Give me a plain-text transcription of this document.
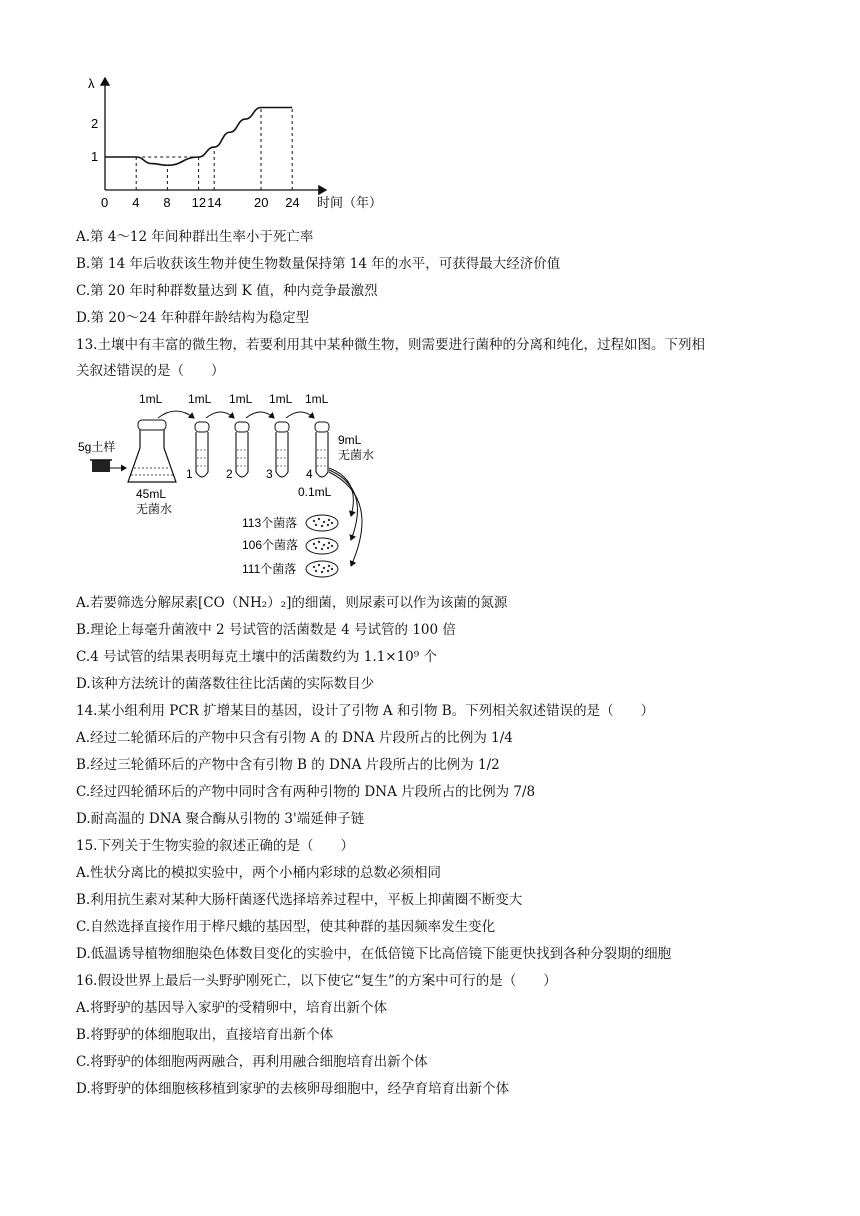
λ
时间（年）
1
2
0 4 8 12 14 20 24
A.第 4～12 年间种群出生率小于死亡率
B.第 14 年后收获该生物并使生物数量保持第 14 年的水平，可获得最大经济价值
C.第 20 年时种群数量达到 K 值，种内竞争最激烈
D.第 20～24 年种群年龄结构为稳定型
13.土壤中有丰富的微生物，若要利用其中某种微生物，则需要进行菌种的分离和纯化，过程如图。下列相
关叙述错误的是（　　）
1mL 1mL 1mL 1mL 1mL
5g土样
45mL
无菌水
1	2	3	4
9mL
无菌水
0.1mL
113个菌落
106个菌落
111个菌落
A.若要筛选分解尿素[CO（NH₂）₂]的细菌，则尿素可以作为该菌的氮源
B.理论上每毫升菌液中 2 号试管的活菌数是 4 号试管的 100 倍
C.4 号试管的结果表明每克土壤中的活菌数约为 1.1×10⁹ 个
D.该种方法统计的菌落数往往比活菌的实际数目少
14.某小组利用 PCR 扩增某目的基因，设计了引物 A 和引物 B。下列相关叙述错误的是（　　）
A.经过二轮循环后的产物中只含有引物 A 的 DNA 片段所占的比例为 1/4
B.经过三轮循环后的产物中含有引物 B 的 DNA 片段所占的比例为 1/2
C.经过四轮循环后的产物中同时含有两种引物的 DNA 片段所占的比例为 7/8
D.耐高温的 DNA 聚合酶从引物的 3'端延伸子链
15.下列关于生物实验的叙述正确的是（　　）
A.性状分离比的模拟实验中，两个小桶内彩球的总数必须相同
B.利用抗生素对某种大肠杆菌逐代选择培养过程中，平板上抑菌圈不断变大
C.自然选择直接作用于桦尺蛾的基因型，使其种群的基因频率发生变化
D.低温诱导植物细胞染色体数目变化的实验中，在低倍镜下比高倍镜下能更快找到各种分裂期的细胞
16.假设世界上最后一头野驴刚死亡，以下使它“复生”的方案中可行的是（　　）
A.将野驴的基因导入家驴的受精卵中，培育出新个体
B.将野驴的体细胞取出，直接培育出新个体
C.将野驴的体细胞两两融合，再利用融合细胞培育出新个体
D.将野驴的体细胞核移植到家驴的去核卵母细胞中，经孕育培育出新个体
